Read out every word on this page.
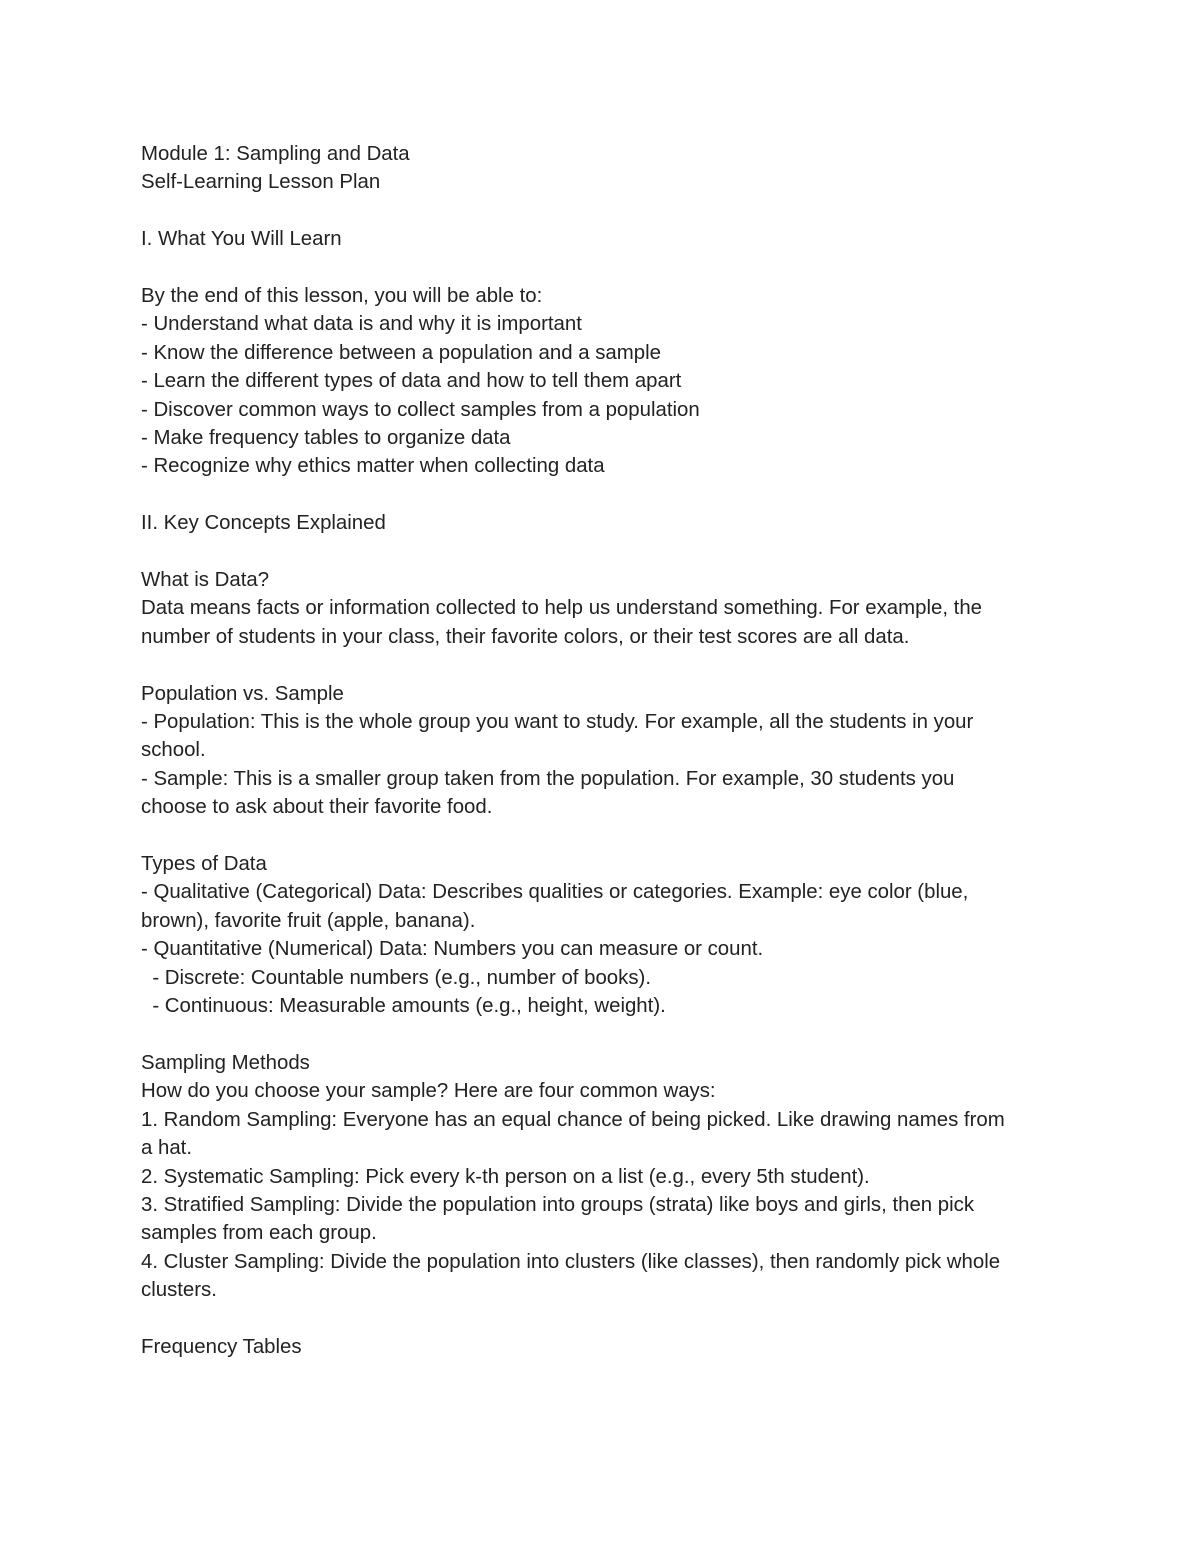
Module 1: Sampling and Data
Self-Learning Lesson Plan
I. What You Will Learn
By the end of this lesson, you will be able to:
- Understand what data is and why it is important
- Know the difference between a population and a sample
- Learn the different types of data and how to tell them apart
- Discover common ways to collect samples from a population
- Make frequency tables to organize data
- Recognize why ethics matter when collecting data
II. Key Concepts Explained
What is Data?
Data means facts or information collected to help us understand something. For example, the
number of students in your class, their favorite colors, or their test scores are all data.
Population vs. Sample
- Population: This is the whole group you want to study. For example, all the students in your
school.
- Sample: This is a smaller group taken from the population. For example, 30 students you
choose to ask about their favorite food.
Types of Data
- Qualitative (Categorical) Data: Describes qualities or categories. Example: eye color (blue,
brown), favorite fruit (apple, banana).
- Quantitative (Numerical) Data: Numbers you can measure or count.
- Discrete: Countable numbers (e.g., number of books).
- Continuous: Measurable amounts (e.g., height, weight).
Sampling Methods
How do you choose your sample? Here are four common ways:
1. Random Sampling: Everyone has an equal chance of being picked. Like drawing names from
a hat.
2. Systematic Sampling: Pick every k-th person on a list (e.g., every 5th student).
3. Stratified Sampling: Divide the population into groups (strata) like boys and girls, then pick
samples from each group.
4. Cluster Sampling: Divide the population into clusters (like classes), then randomly pick whole
clusters.
Frequency Tables
